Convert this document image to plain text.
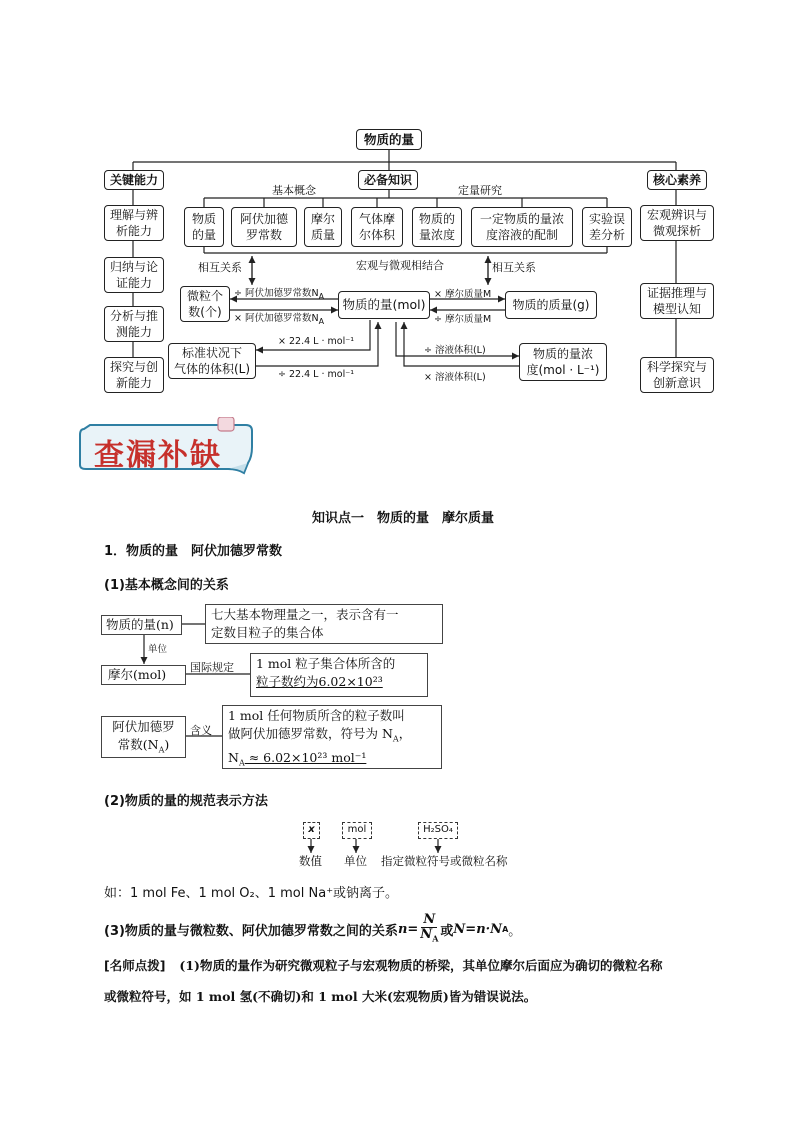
物质的量
关键能力	必备知识	核心素养
理解与辨
析能力
归纳与论
证能力
分析与推
测能力
探究与创
新能力
宏观辨识与
微观探析
证据推理与
模型认知
科学探究与
创新意识
基本概念	定量研究
物质
的量
阿伏加德
罗常数
摩尔
质量
气体摩
尔体积
物质的
量浓度
一定物质的量浓
度溶液的配制
实验误
差分析
相互关系	宏观与微观相结合	相互关系
微粒个
数(个)	物质的量(mol)	物质的质量(g)
标准状况下
气体的体积(L)
物质的量浓
度(mol · L⁻¹)
÷ 阿伏加德罗常数$N_A$
× 阿伏加德罗常数$N_A$
× 摩尔质量M
÷ 摩尔质量M
× 22.4 L · mol⁻¹
÷ 22.4 L · mol⁻¹
÷ 溶液体积(L)
× 溶液体积(L)
查漏补缺
知识点一　物质的量　摩尔质量
1．物质的量　阿伏加德罗常数
(1)基本概念间的关系
物质的量(n)
七大基本物理量之一，表示含有一
定数目粒子的集合体
单位
摩尔(mol)	国际规定 1 mol 粒子集合体所含的
粒子数约为6.02×10²³
阿伏加德罗
常数$(N_A)$
含义
1 mol 任何物质所含的粒子数叫
做阿伏加德罗常数，符号为 $N_A$，
$N_A \approx 6.02\times 10^{23}$ mol⁻¹
(2)物质的量的规范表示方法
x	mol	H₂SO₄
数值 单位 指定微粒符号或微粒名称
如：1 mol Fe、1 mol O₂、1 mol Na⁺或钠离子。
(3)物质的量与微粒数、阿伏加德罗常数之间的关系 $n= \frac{N}{N_A}$ 或 N=n·N A 。
[名师点拨] (1)物质的量作为研究微观粒子与宏观物质的桥梁，其单位摩尔后面应为确切的微粒名称
或微粒符号，如 1 mol 氢(不确切)和 1 mol 大米(宏观物质)皆为错误说法。
